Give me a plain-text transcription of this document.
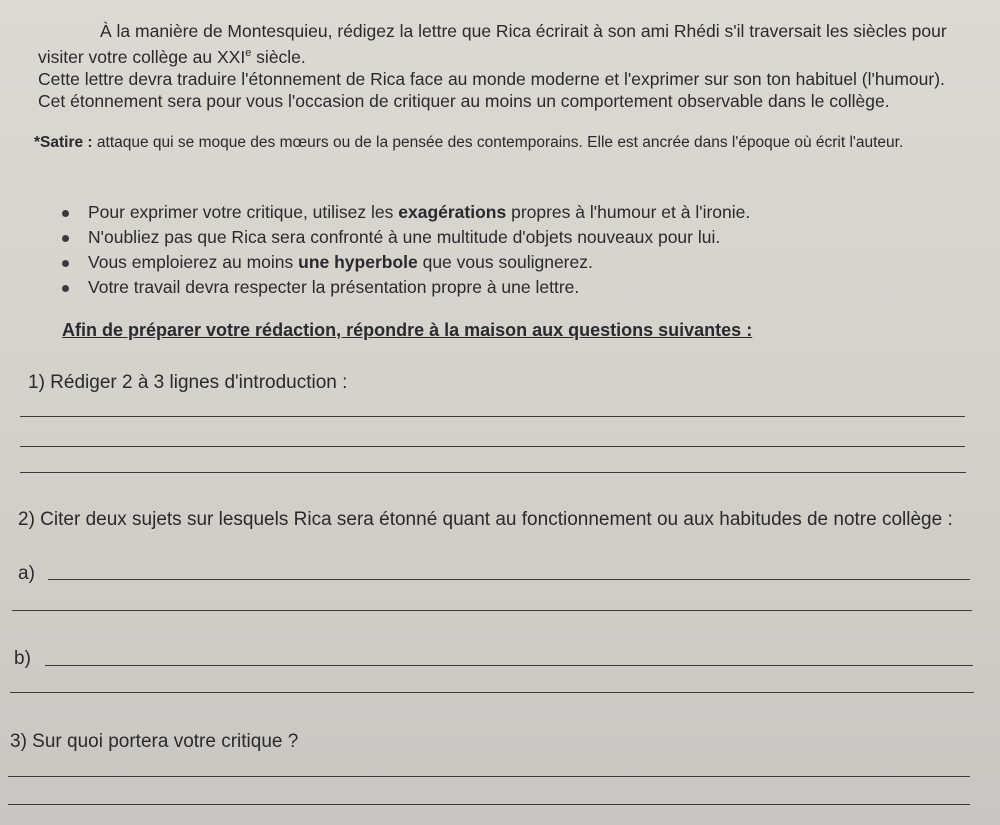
À la manière de Montesquieu, rédigez la lettre que Rica écrirait à son ami Rhédi s'il traversait les siècles pour visiter votre collège au XXIe siècle.

Cette lettre devra traduire l'étonnement de Rica face au monde moderne et l'exprimer sur son ton habituel (l'humour). Cet étonnement sera pour vous l'occasion de critiquer au moins un comportement observable dans le collège.

*Satire : attaque qui se moque des mœurs ou de la pensée des contemporains. Elle est ancrée dans l'époque où écrit l'auteur.
Pour exprimer votre critique, utilisez les exagérations propres à l'humour et à l'ironie.
N'oubliez pas que Rica sera confronté à une multitude d'objets nouveaux pour lui.
Vous emploierez au moins une hyperbole que vous soulignerez.
Votre travail devra respecter la présentation propre à une lettre.
Afin de préparer votre rédaction, répondre à la maison aux questions suivantes :
1) Rédiger 2 à 3 lignes d'introduction :
2) Citer deux sujets sur lesquels Rica sera étonné quant au fonctionnement ou aux habitudes de notre collège :
a)
b)
3) Sur quoi portera votre critique ?
